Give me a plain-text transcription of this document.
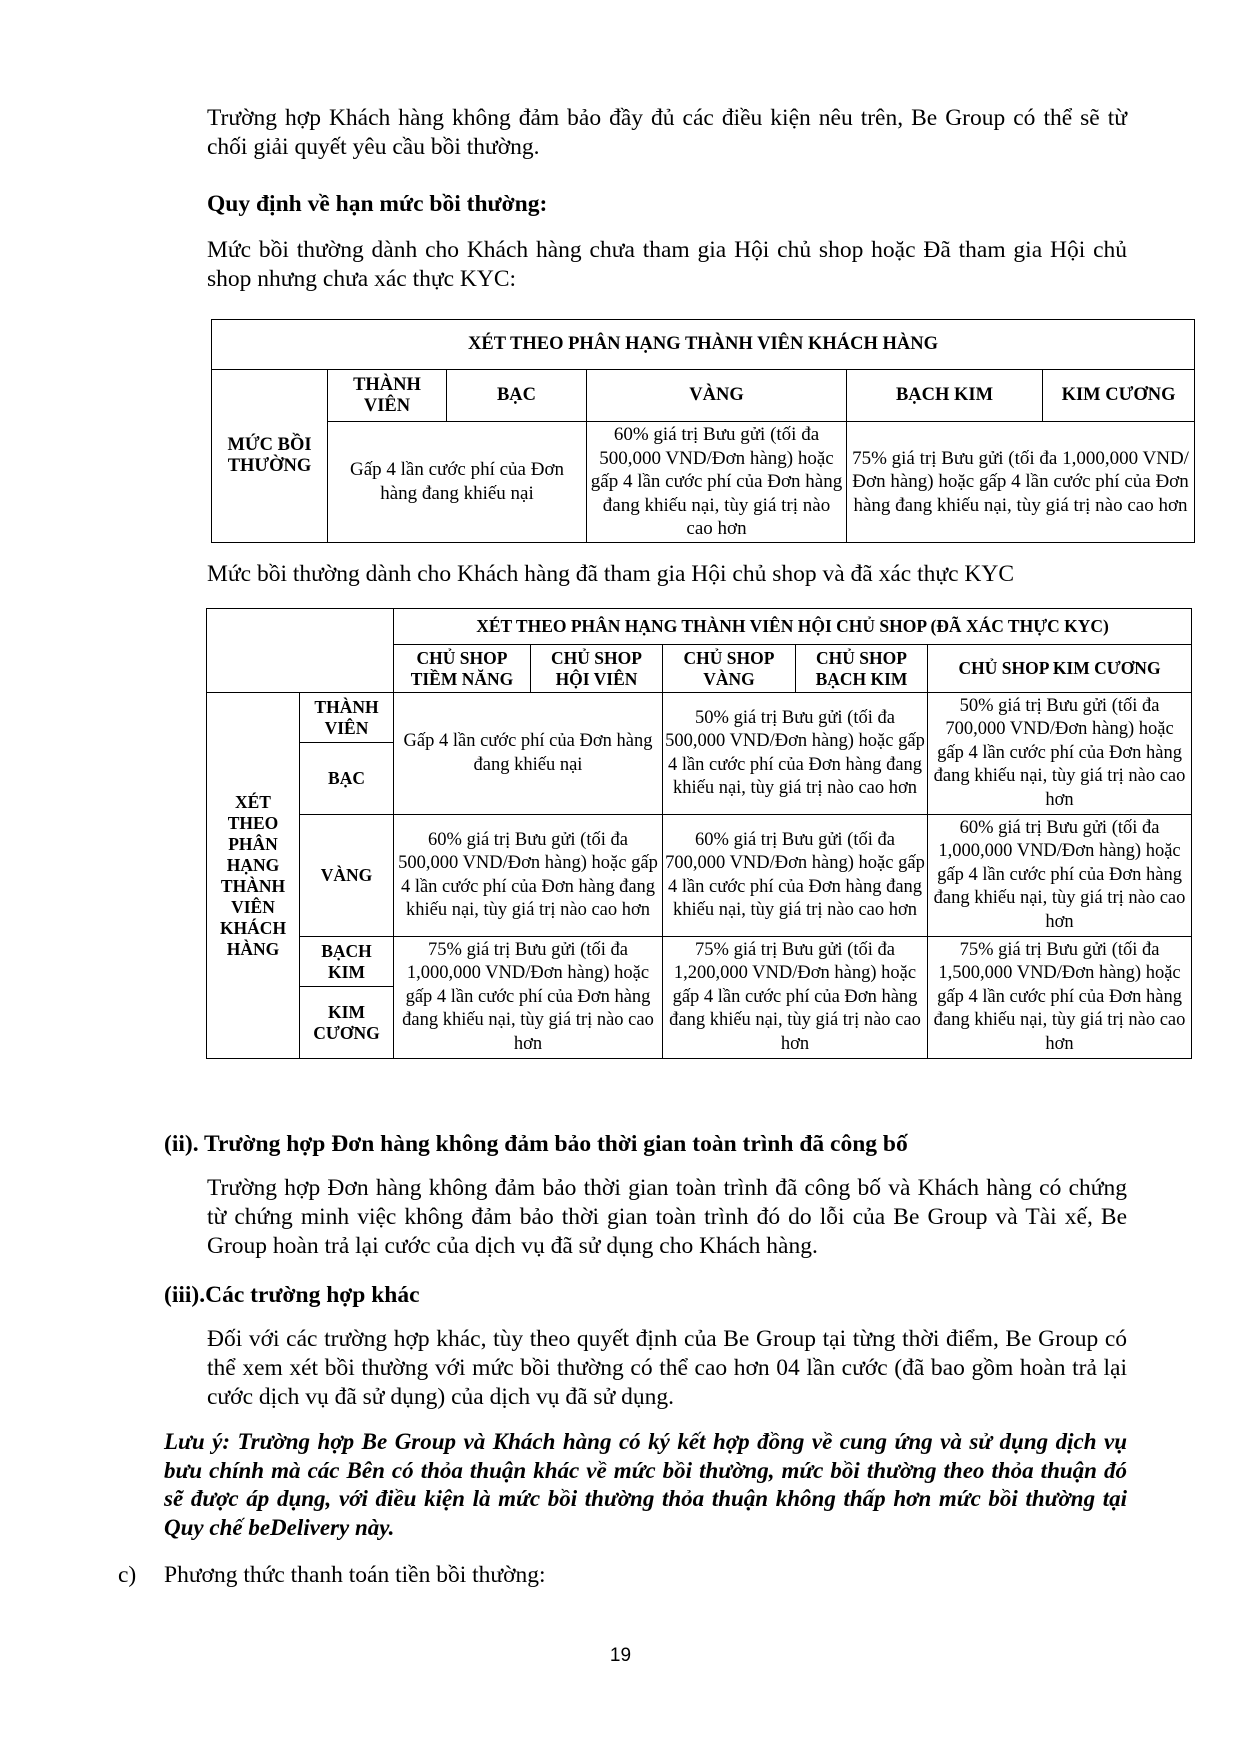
Trường hợp Khách hàng không đảm bảo đầy đủ các điều kiện nêu trên, Be Group có thể sẽ từ chối giải quyết yêu cầu bồi thường.

Quy định về hạn mức bồi thường:

Mức bồi thường dành cho Khách hàng chưa tham gia Hội chủ shop hoặc Đã tham gia Hội chủ shop nhưng chưa xác thực KYC:

XÉT THEO PHÂN HẠNG THÀNH VIÊN KHÁCH HÀNG					
MỨC BỒI THƯỜNG	THÀNH VIÊN	BẠC	VÀNG	BẠCH KIM	KIM CƯƠNG
	Gấp 4 lần cước phí của Đơn hàng đang khiếu nại		60% giá trị Bưu gửi (tối đa 500,000 VND/Đơn hàng) hoặc gấp 4 lần cước phí của Đơn hàng đang khiếu nại, tùy giá trị nào cao hơn	75% giá trị Bưu gửi (tối đa 1,000,000 VND/Đơn hàng) hoặc gấp 4 lần cước phí của Đơn hàng đang khiếu nại, tùy giá trị nào cao hơn	

Mức bồi thường dành cho Khách hàng đã tham gia Hội chủ shop và đã xác thực KYC

		XÉT THEO PHÂN HẠNG THÀNH VIÊN HỘI CHỦ SHOP (ĐÃ XÁC THỰC KYC)				
		CHỦ SHOP TIỀM NĂNG	CHỦ SHOP HỘI VIÊN	CHỦ SHOP VÀNG	CHỦ SHOP BẠCH KIM	CHỦ SHOP KIM CƯƠNG
XÉT THEO PHÂN HẠNG THÀNH VIÊN KHÁCH HÀNG	THÀNH VIÊN	Gấp 4 lần cước phí của Đơn hàng đang khiếu nại		50% giá trị Bưu gửi (tối đa 500,000 VND/Đơn hàng) hoặc gấp 4 lần cước phí của Đơn hàng đang khiếu nại, tùy giá trị nào cao hơn		50% giá trị Bưu gửi (tối đa 700,000 VND/Đơn hàng) hoặc gấp 4 lần cước phí của Đơn hàng đang khiếu nại, tùy giá trị nào cao hơn
	BẠC					
	VÀNG	60% giá trị Bưu gửi (tối đa 500,000 VND/Đơn hàng) hoặc gấp 4 lần cước phí của Đơn hàng đang khiếu nại, tùy giá trị nào cao hơn		60% giá trị Bưu gửi (tối đa 700,000 VND/Đơn hàng) hoặc gấp 4 lần cước phí của Đơn hàng đang khiếu nại, tùy giá trị nào cao hơn		60% giá trị Bưu gửi (tối đa 1,000,000 VND/Đơn hàng) hoặc gấp 4 lần cước phí của Đơn hàng đang khiếu nại, tùy giá trị nào cao hơn
	BẠCH KIM	75% giá trị Bưu gửi (tối đa 1,000,000 VND/Đơn hàng) hoặc gấp 4 lần cước phí của Đơn hàng đang khiếu nại, tùy giá trị nào cao hơn		75% giá trị Bưu gửi (tối đa 1,200,000 VND/Đơn hàng) hoặc gấp 4 lần cước phí của Đơn hàng đang khiếu nại, tùy giá trị nào cao hơn		75% giá trị Bưu gửi (tối đa 1,500,000 VND/Đơn hàng) hoặc gấp 4 lần cước phí của Đơn hàng đang khiếu nại, tùy giá trị nào cao hơn
	KIM CƯƠNG					

(ii). Trường hợp Đơn hàng không đảm bảo thời gian toàn trình đã công bố

Trường hợp Đơn hàng không đảm bảo thời gian toàn trình đã công bố và Khách hàng có chứng từ chứng minh việc không đảm bảo thời gian toàn trình đó do lỗi của Be Group và Tài xế, Be Group hoàn trả lại cước của dịch vụ đã sử dụng cho Khách hàng.

(iii).Các trường hợp khác

Đối với các trường hợp khác, tùy theo quyết định của Be Group tại từng thời điểm, Be Group có thể xem xét bồi thường với mức bồi thường có thể cao hơn 04 lần cước (đã bao gồm hoàn trả lại cước dịch vụ đã sử dụng) của dịch vụ đã sử dụng.

Lưu ý: Trường hợp Be Group và Khách hàng có ký kết hợp đồng về cung ứng và sử dụng dịch vụ bưu chính mà các Bên có thỏa thuận khác về mức bồi thường, mức bồi thường theo thỏa thuận đó sẽ được áp dụng, với điều kiện là mức bồi thường thỏa thuận không thấp hơn mức bồi thường tại Quy chế beDelivery này.

c) Phương thức thanh toán tiền bồi thường:
19
